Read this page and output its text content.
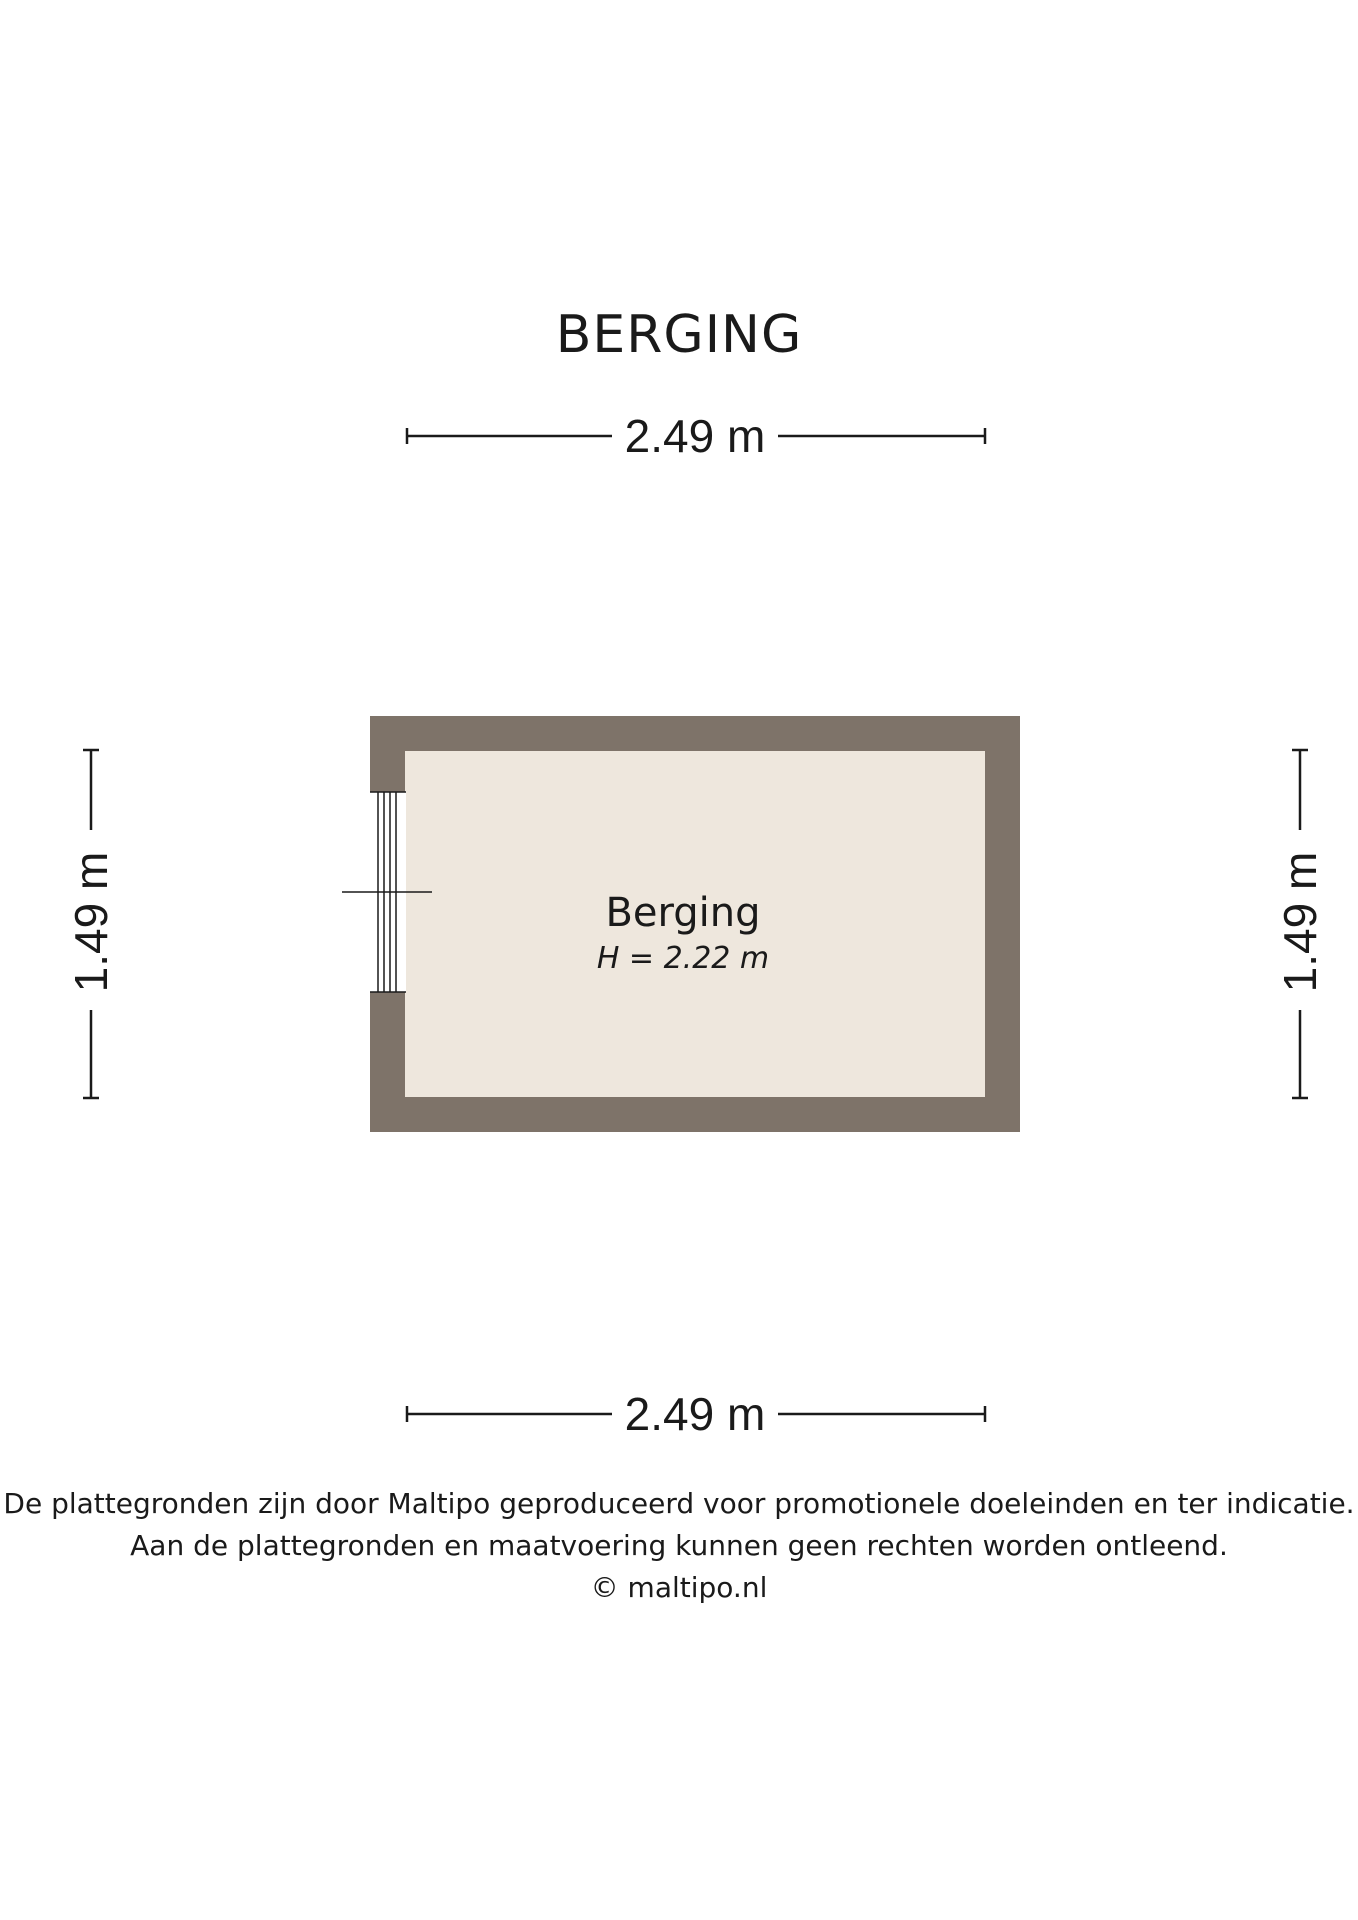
BERGING
2.49 m
2.49 m
1.49 m	1.49 m
Berging
H = 2.22 m
De plattegronden zijn door Maltipo geproduceerd voor promotionele doeleinden en ter indicatie.
Aan de plattegronden en maatvoering kunnen geen rechten worden ontleend.
© maltipo.nl
